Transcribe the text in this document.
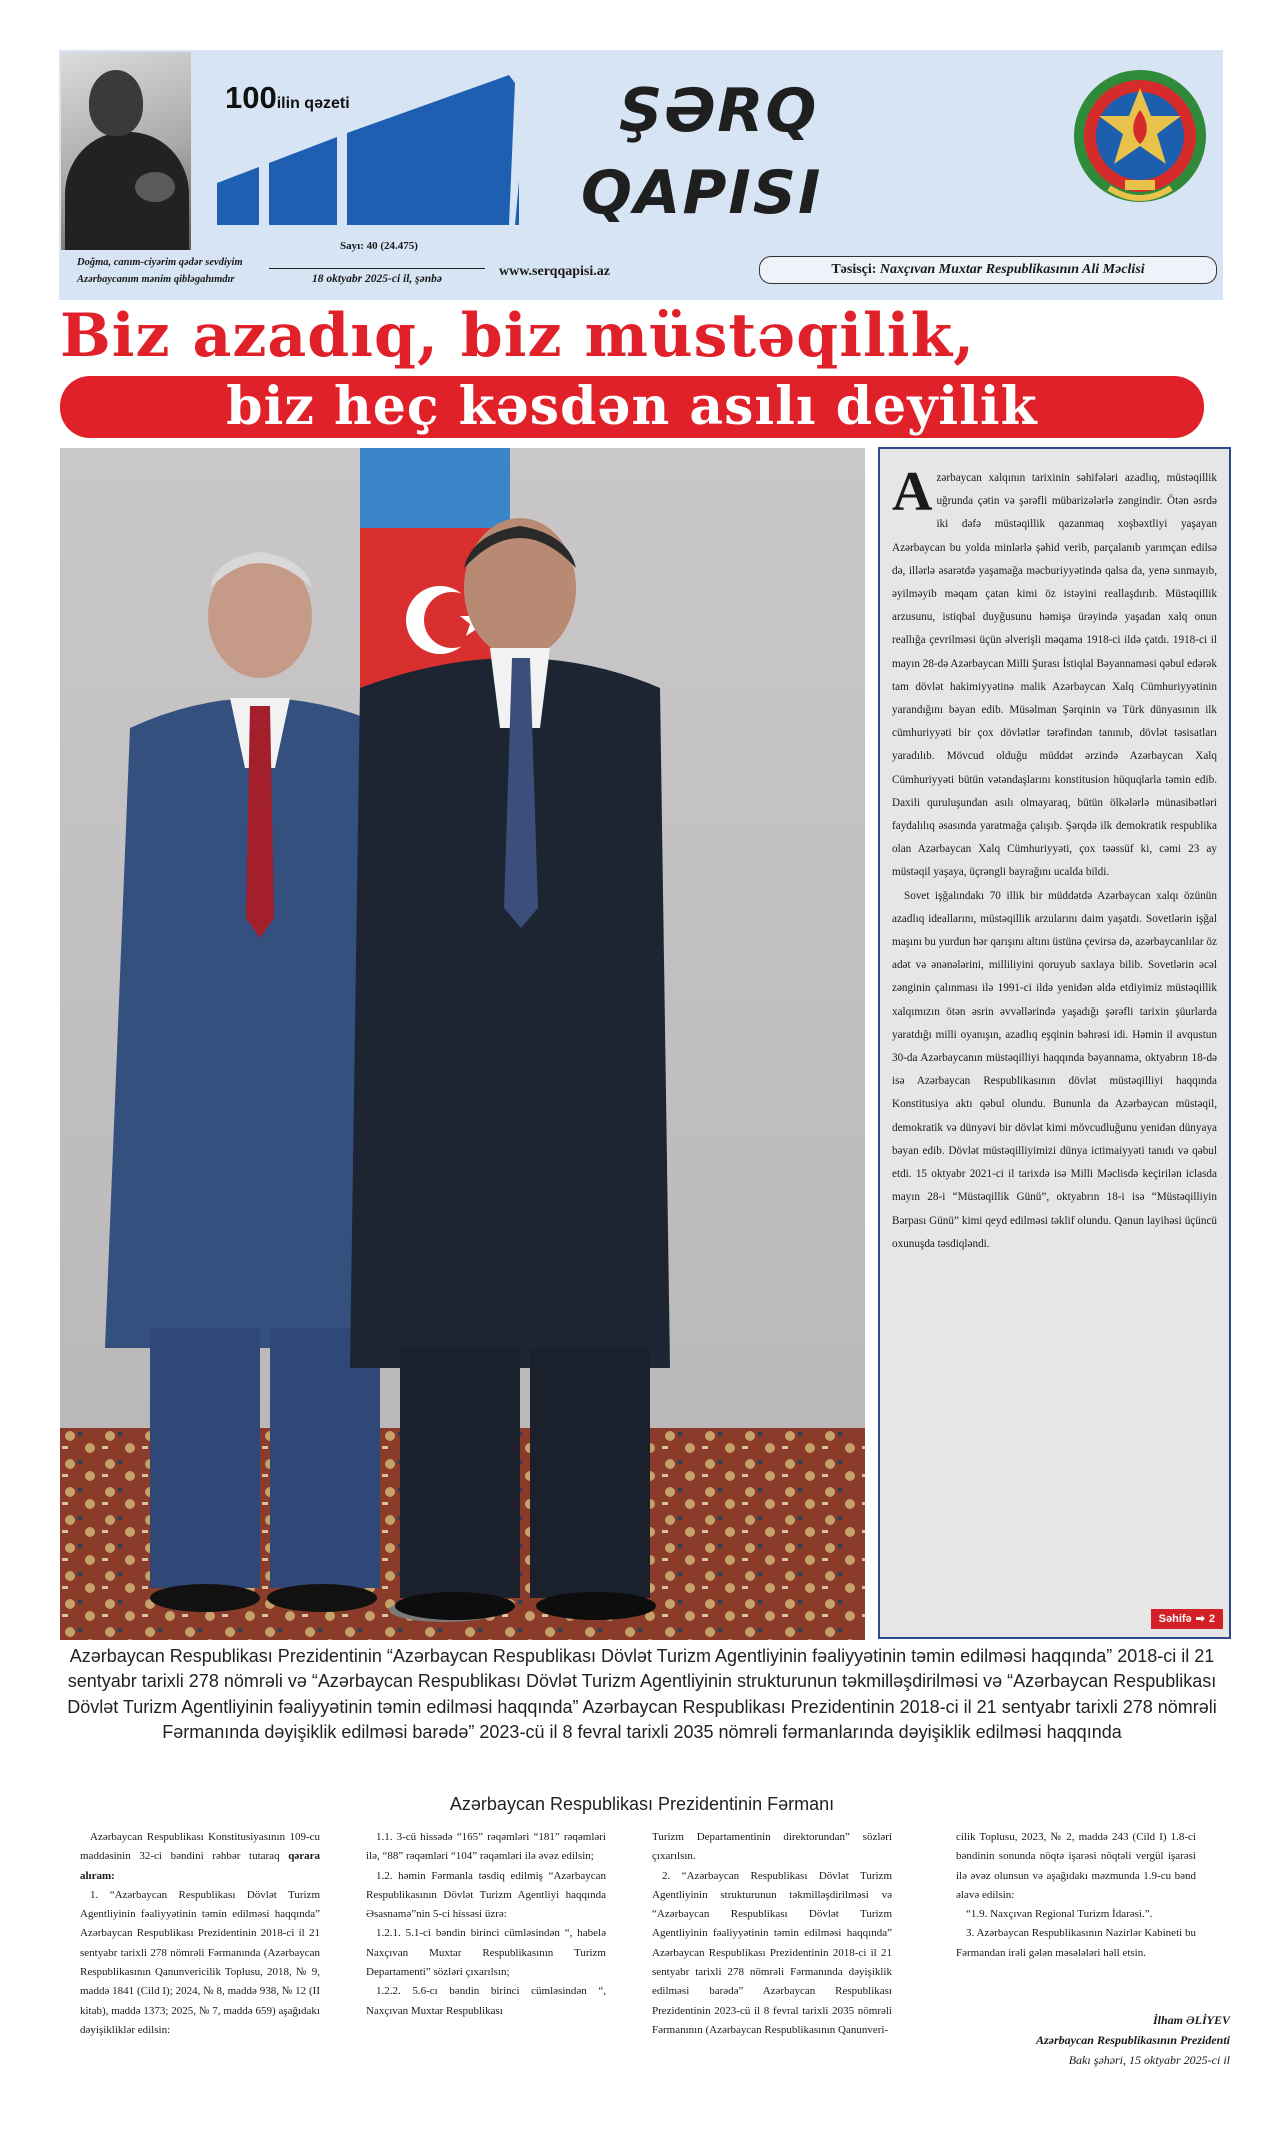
Doğma, canım-ciyərim qədər sevdiyim Azərbaycanım mənim qibləgahımdır
100ilin qəzeti	ŞƏRQ
QAPISI
Sayı: 40 (24.475)
18 oktyabr 2025-ci il, şənbə	www.serqqapisi.az	Təsisçi: Naxçıvan Muxtar Respublikasının Ali Məclisi
Biz azadıq, biz müstəqilik,
biz heç kəsdən asılı deyilik

Azərbaycan xalqının tarixinin səhifələri azadlıq, müstəqillik uğrunda çətin və şərəfli mübarizələrlə zəngindir. Ötən əsrdə iki dəfə müstəqillik qazanmaq xoşbəxtliyi yaşayan Azərbaycan bu yolda minlərlə şəhid verib, parçalanıb yarımçan edilsə də, illərlə əsarətdə yaşamağa məcburiyyətində qalsa da, yenə sınmayıb, əyilməyib məqam çatan kimi öz istəyini reallaşdırıb. Müstəqillik arzusunu, istiqbal duyğusunu həmişə ürəyində yaşadan xalq onun reallığa çevrilməsi üçün əlverişli məqama 1918-ci ildə çatdı. 1918-ci il mayın 28-də Azərbaycan Milli Şurası İstiqlal Bəyannaməsi qəbul edərək tam dövlət hakimiyyətinə malik Azərbaycan Xalq Cümhuriyyətinin yarandığını bəyan edib. Müsəlman Şərqinin və Türk dünyasının ilk cümhuriyyəti bir çox dövlətlər tərəfindən tanınıb, dövlət təsisatları yaradılıb. Mövcud olduğu müddət ərzində Azərbaycan Xalq Cümhuriyyəti bütün vətəndaşlarını konstitusion hüquqlarla təmin edib. Daxili quruluşundan asılı olmayaraq, bütün ölkələrlə münasibətləri faydalılıq əsasında yaratmağa çalışıb. Şərqdə ilk demokratik respublika olan Azərbaycan Xalq Cümhuriyyəti, çox təəssüf ki, cəmi 23 ay müstəqil yaşaya, üçrəngli bayrağını ucalda bildi.

Sovet işğalındakı 70 illik bir müddətdə Azərbaycan xalqı özünün azadlıq ideallarını, müstəqillik arzularını daim yaşatdı. Sovetlərin işğal maşını bu yurdun hər qarışını altını üstünə çevirsə də, azərbaycanlılar öz adət və ənənələrini, milliliyini qoruyub saxlaya bilib. Sovetlərin əcəl zənginin çalınması ilə 1991-ci ildə yenidən əldə etdiyimiz müstəqillik xalqımızın ötən əsrin əvvəllərində yaşadığı şərəfli tarixin şüurlarda yaratdığı milli oyanışın, azadlıq eşqinin bəhrəsi idi. Həmin il avqustun 30-da Azərbaycanın müstəqilliyi haqqında bəyannamə, oktyabrın 18-də isə Azərbaycan Respublikasının dövlət müstəqilliyi haqqında Konstitusiya aktı qəbul olundu. Bununla da Azərbaycan müstəqil, demokratik və dünyəvi bir dövlət kimi mövcudluğunu yenidən dünyaya bəyan edib. Dövlət müstəqilliyimizi dünya ictimaiyyəti tanıdı və qəbul etdi. 15 oktyabr 2021-ci il tarixdə isə Milli Məclisdə keçirilən iclasda mayın 28-i “Müstəqillik Günü”, oktyabrın 18-i isə “Müstəqilliyin Bərpası Günü” kimi qeyd edilməsi təklif olundu. Qanun layihəsi üçüncü oxunuşda təsdiqləndi.

Səhifə ➡ 2
Azərbaycan Respublikası Prezidentinin “Azərbaycan Respublikası Dövlət Turizm Agentliyinin fəaliyyətinin təmin edilməsi haqqında” 2018-ci il 21 sentyabr tarixli 278 nömrəli və “Azərbaycan Respublikası Dövlət Turizm Agentliyinin strukturunun təkmilləşdirilməsi və “Azərbaycan Respublikası Dövlət Turizm Agentliyinin fəaliyyətinin təmin edilməsi haqqında” Azərbaycan Respublikası Prezidentinin 2018-ci il 21 sentyabr tarixli 278 nömrəli Fərmanında dəyişiklik edilməsi barədə” 2023-cü il 8 fevral tarixli 2035 nömrəli fərmanlarında dəyişiklik edilməsi haqqında
Azərbaycan Respublikası Prezidentinin Fərmanı

Azərbaycan Respublikası Konstitusiyasının 109-cu maddəsinin 32-ci bəndini rəhbər tutaraq qərara alıram:

1. “Azərbaycan Respublikası Dövlət Turizm Agentliyinin fəaliyyətinin təmin edilməsi haqqında” Azərbaycan Respublikası Prezidentinin 2018-ci il 21 sentyabr tarixli 278 nömrəli Fərmanında (Azərbaycan Respublikasının Qanunvericilik Toplusu, 2018, № 9, maddə 1841 (Cild I); 2024, № 8, maddə 938, № 12 (II kitab), maddə 1373; 2025, № 7, maddə 659) aşağıdakı dəyişikliklər edilsin:

1.1. 3-cü hissədə “165” rəqəmləri “181” rəqəmləri ilə, “88” rəqəmləri “104” rəqəmləri ilə əvəz edilsin;

1.2. həmin Fərmanla təsdiq edilmiş “Azərbaycan Respublikasının Dövlət Turizm Agentliyi haqqında Əsasnamə”nin 5-ci hissəsi üzrə:

1.2.1. 5.1-ci bəndin birinci cümləsindən “, habelə Naxçıvan Muxtar Respublikasının Turizm Departamenti” sözləri çıxarılsın;

1.2.2. 5.6-cı bəndin birinci cümləsindən “, Naxçıvan Muxtar Respublikası

Turizm Departamentinin direktorundan” sözləri çıxarılsın.

2. “Azərbaycan Respublikası Dövlət Turizm Agentliyinin strukturunun təkmilləşdirilməsi və “Azərbaycan Respublikası Dövlət Turizm Agentliyinin fəaliyyətinin təmin edilməsi haqqında” Azərbaycan Respublikası Prezidentinin 2018-ci il 21 sentyabr tarixli 278 nömrəli Fərmanında dəyişiklik edilməsi barədə” Azərbaycan Respublikası Prezidentinin 2023-cü il 8 fevral tarixli 2035 nömrəli Fərmanının (Azərbaycan Respublikasının Qanunveri-

cilik Toplusu, 2023, № 2, maddə 243 (Cild I) 1.8-ci bəndinin sonunda nöqtə işarəsi nöqtəli vergül işarəsi ilə əvəz olunsun və aşağıdakı məzmunda 1.9-cu bənd əlavə edilsin:

“1.9. Naxçıvan Regional Turizm İdarəsi.”.

3. Azərbaycan Respublikasının Nazirlər Kabineti bu Fərmandan irəli gələn məsələləri həll etsin.

İlham ƏLİYEV
Azərbaycan Respublikasının Prezidenti
Bakı şəhəri, 15 oktyabr 2025-ci il
